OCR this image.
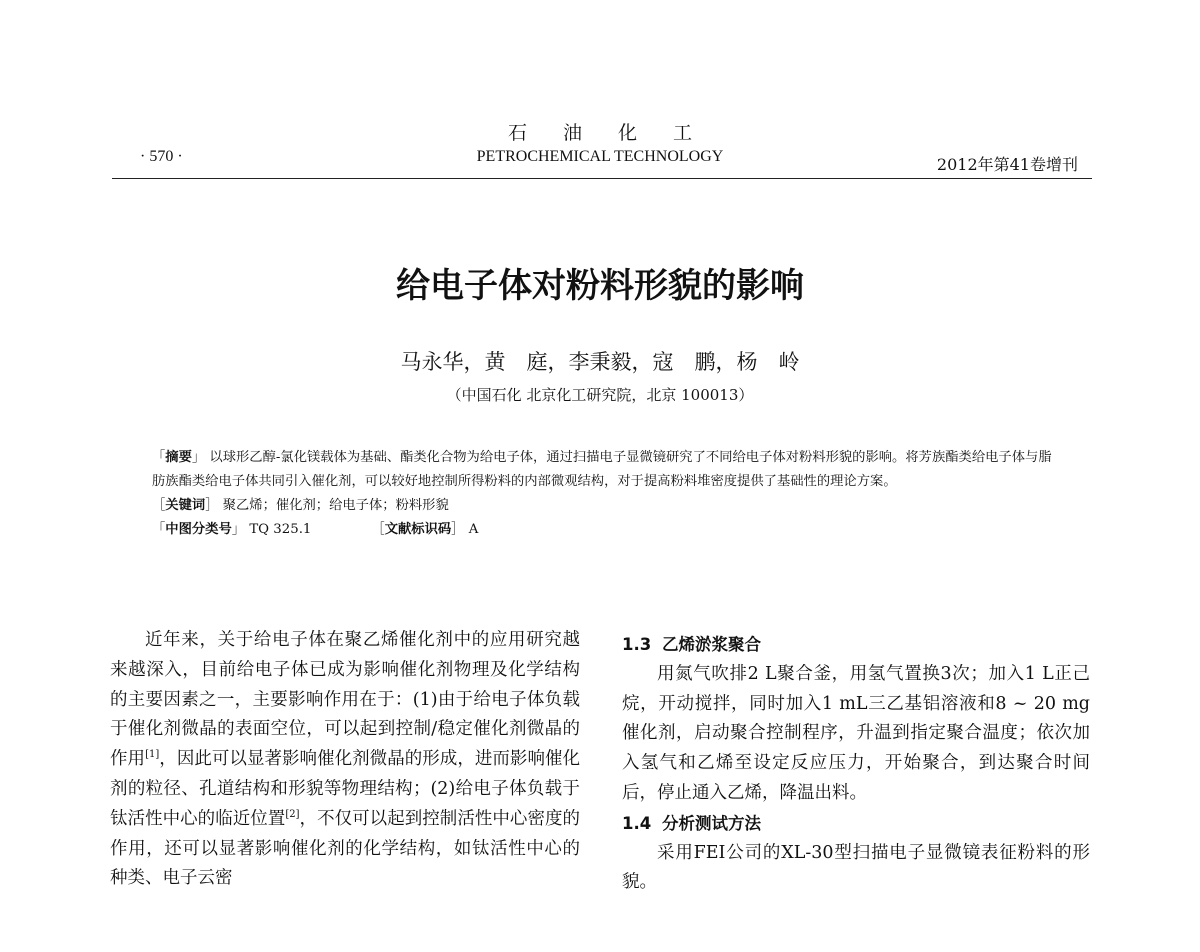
石 油 化 工
· 570 ·	PETROCHEMICAL TECHNOLOGY	2012年第41卷增刊
给电子体对粉料形貌的影响
马永华，黄　庭，李秉毅，寇　鹏，杨　岭
（中国石化 北京化工研究院，北京 100013）

「摘要」 以球形乙醇-氯化镁载体为基础、酯类化合物为给电子体，通过扫描电子显微镜研究了不同给电子体对粉料形貌的影响。将芳族酯类给电子体与脂肪族酯类给电子体共同引入催化剂，可以较好地控制所得粉料的内部微观结构，对于提高粉料堆密度提供了基础性的理论方案。

［关键词］ 聚乙烯；催化剂；给电子体；粉料形貌
「中图分类号」 TQ 325.1	［文献标识码］ A

近年来，关于给电子体在聚乙烯催化剂中的应用研究越来越深入，目前给电子体已成为影响催化剂物理及化学结构的主要因素之一，主要影响作用在于：(1)由于给电子体负载于催化剂微晶的表面空位，可以起到控制/稳定催化剂微晶的作用[1]，因此可以显著影响催化剂微晶的形成，进而影响催化剂的粒径、孔道结构和形貌等物理结构；(2)给电子体负载于钛活性中心的临近位置[2]，不仅可以起到控制活性中心密度的作用，还可以显著影响催化剂的化学结构，如钛活性中心的种类、电子云密

1.3 乙烯淤浆聚合

用氮气吹排2 L聚合釜，用氢气置换3次；加入1 L正己烷，开动搅拌，同时加入1 mL三乙基铝溶液和8 ~ 20 mg催化剂，启动聚合控制程序，升温到指定聚合温度；依次加入氢气和乙烯至设定反应压力，开始聚合，到达聚合时间后，停止通入乙烯，降温出料。

1.4 分析测试方法

采用FEI公司的XL-30型扫描电子显微镜表征粉料的形貌。
